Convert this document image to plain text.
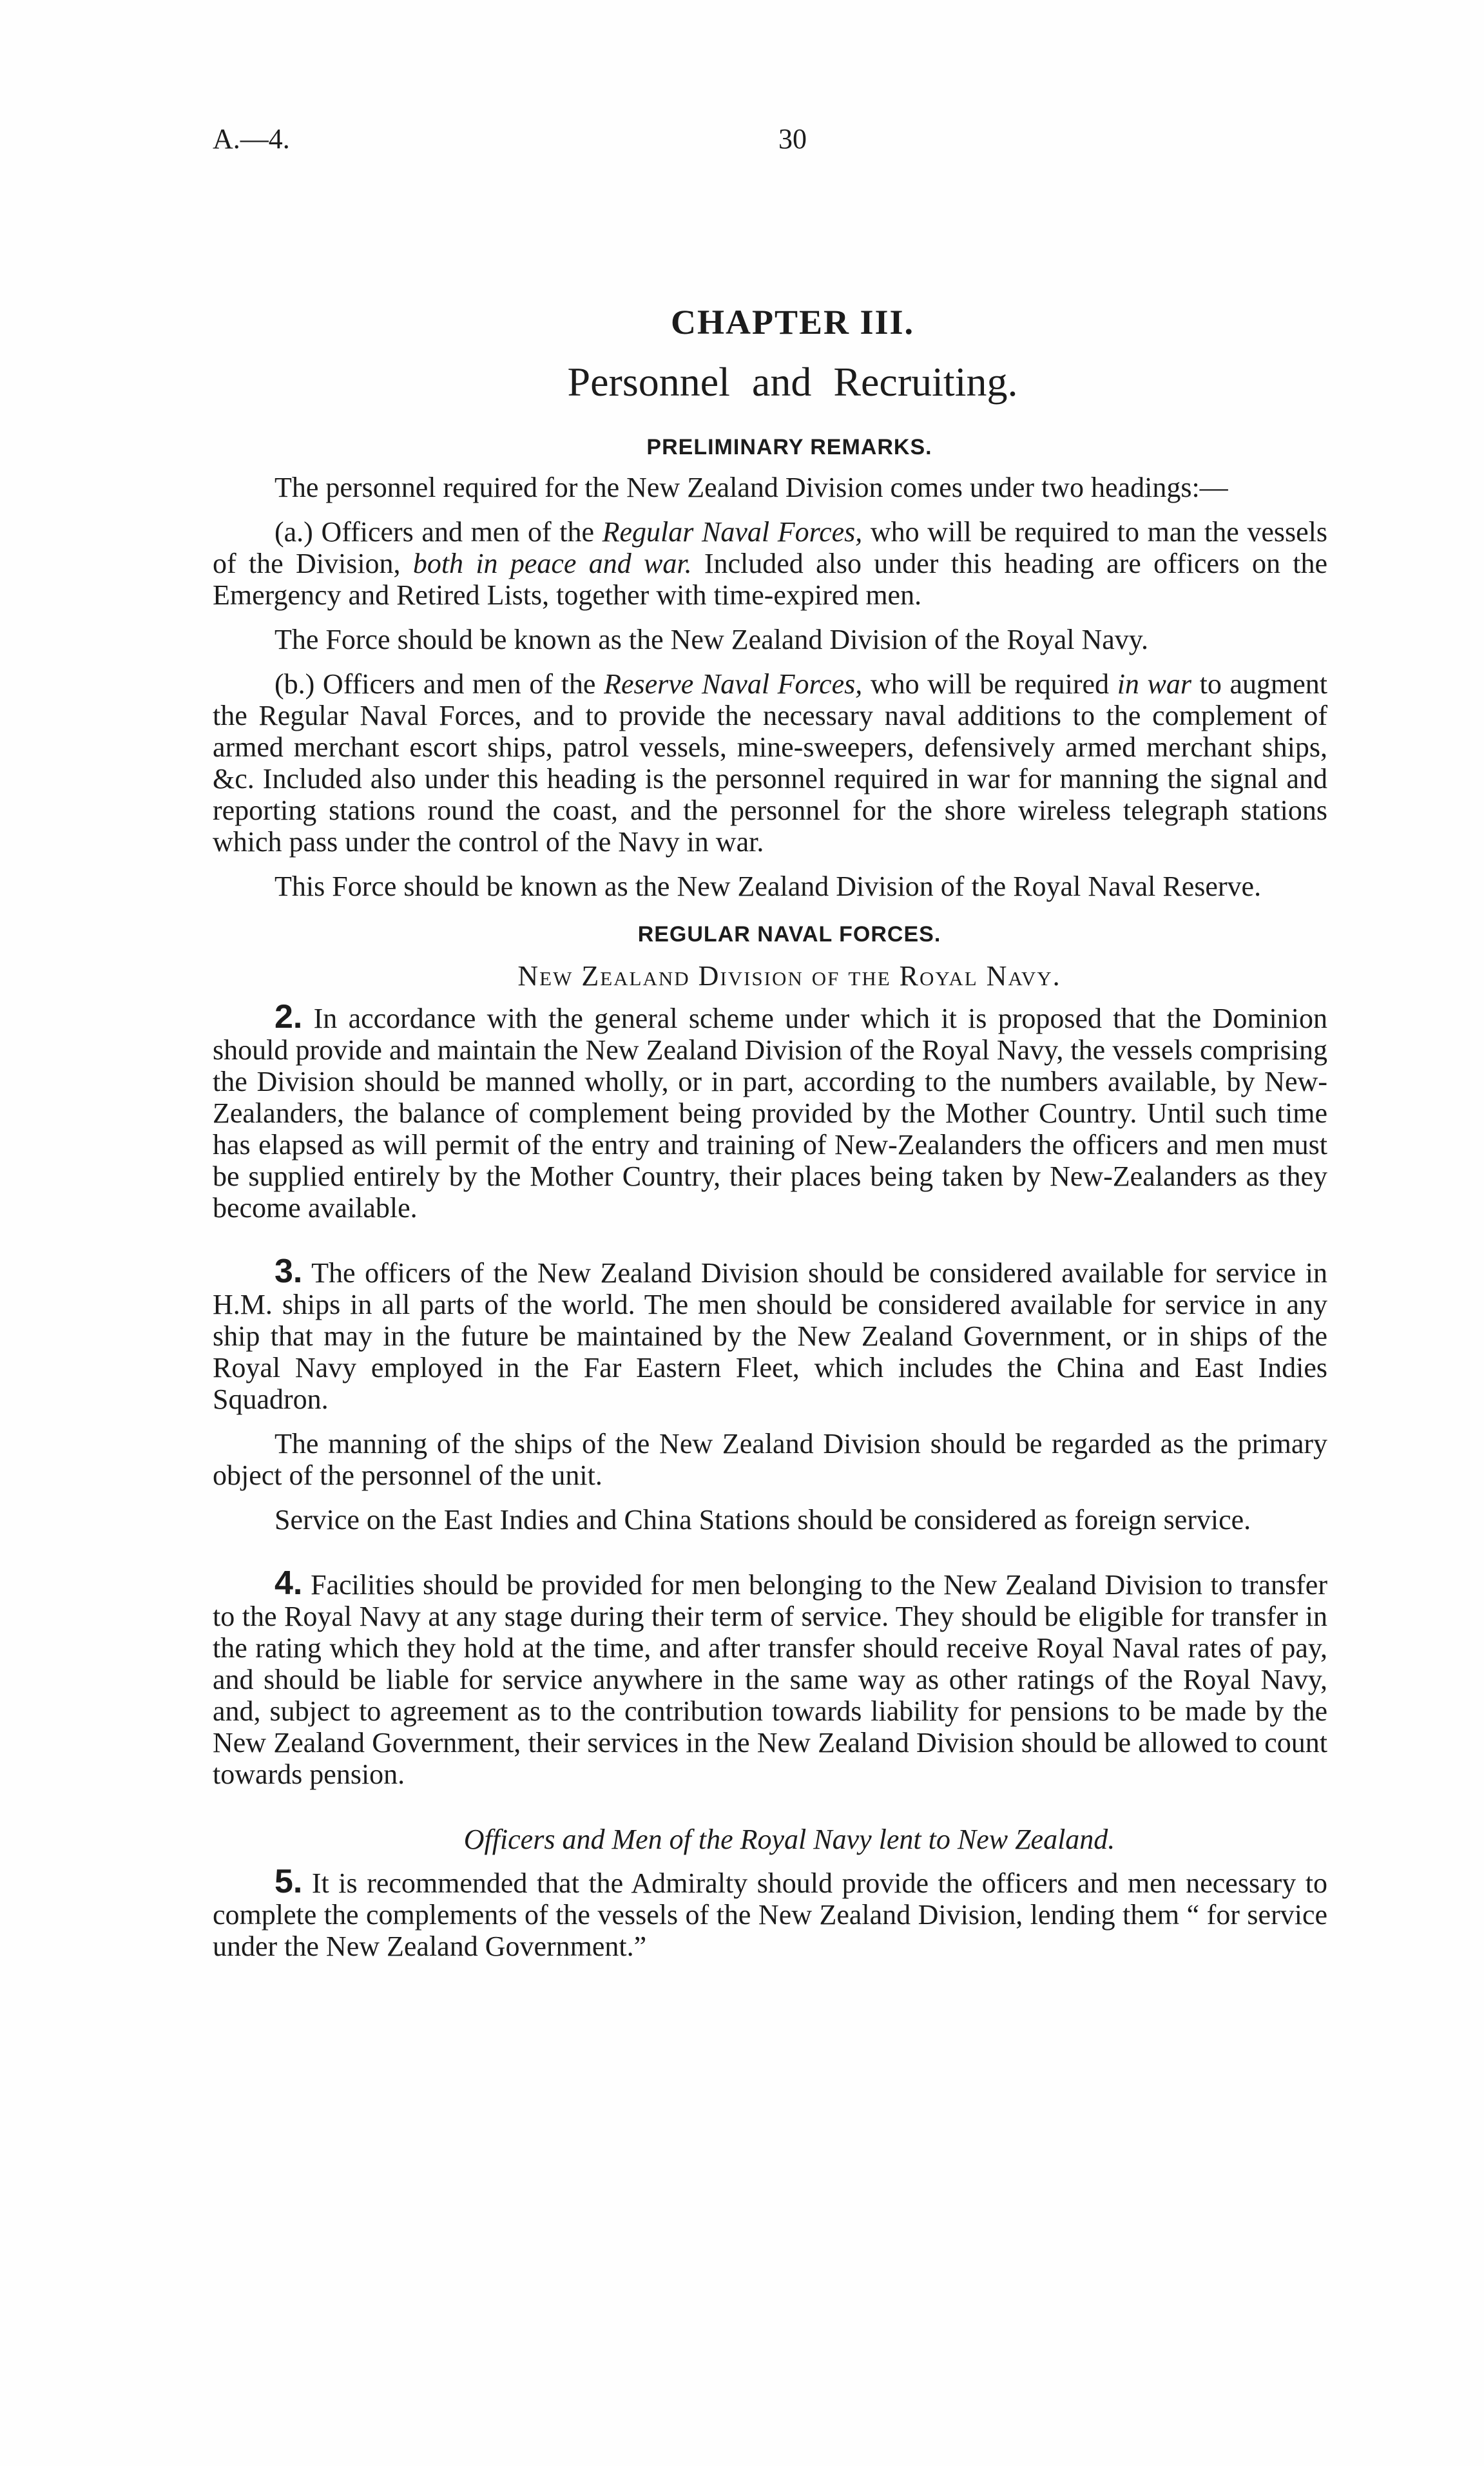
A.—4.	30
CHAPTER III.
Personnel and Recruiting.
PRELIMINARY REMARKS.

The personnel required for the New Zealand Division comes under two headings:—

(a.) Officers and men of the Regular Naval Forces, who will be required to man the vessels of the Division, both in peace and war. Included also under this heading are officers on the Emergency and Retired Lists, together with time-expired men.

The Force should be known as the New Zealand Division of the Royal Navy.

(b.) Officers and men of the Reserve Naval Forces, who will be required in war to augment the Regular Naval Forces, and to provide the necessary naval additions to the complement of armed merchant escort ships, patrol vessels, mine-sweepers, defensively armed merchant ships, &c. Included also under this heading is the personnel required in war for manning the signal and reporting stations round the coast, and the personnel for the shore wireless telegraph stations which pass under the control of the Navy in war.

This Force should be known as the New Zealand Division of the Royal Naval Reserve.

REGULAR NAVAL FORCES.
New Zealand Division of the Royal Navy.

2. In accordance with the general scheme under which it is proposed that the Dominion should provide and maintain the New Zealand Division of the Royal Navy, the vessels comprising the Division should be manned wholly, or in part, according to the numbers available, by New-Zealanders, the balance of complement being provided by the Mother Country. Until such time has elapsed as will permit of the entry and training of New-Zealanders the officers and men must be supplied entirely by the Mother Country, their places being taken by New-Zealanders as they become available.

3. The officers of the New Zealand Division should be considered available for service in H.M. ships in all parts of the world. The men should be considered available for service in any ship that may in the future be maintained by the New Zealand Government, or in ships of the Royal Navy employed in the Far Eastern Fleet, which includes the China and East Indies Squadron.

The manning of the ships of the New Zealand Division should be regarded as the primary object of the personnel of the unit.

Service on the East Indies and China Stations should be considered as foreign service.

4. Facilities should be provided for men belonging to the New Zealand Division to transfer to the Royal Navy at any stage during their term of service. They should be eligible for transfer in the rating which they hold at the time, and after transfer should receive Royal Naval rates of pay, and should be liable for service anywhere in the same way as other ratings of the Royal Navy, and, subject to agreement as to the contribution towards liability for pensions to be made by the New Zealand Government, their services in the New Zealand Division should be allowed to count towards pension.

Officers and Men of the Royal Navy lent to New Zealand.

5. It is recommended that the Admiralty should provide the officers and men necessary to complete the complements of the vessels of the New Zealand Division, lending them “ for service under the New Zealand Government.”
